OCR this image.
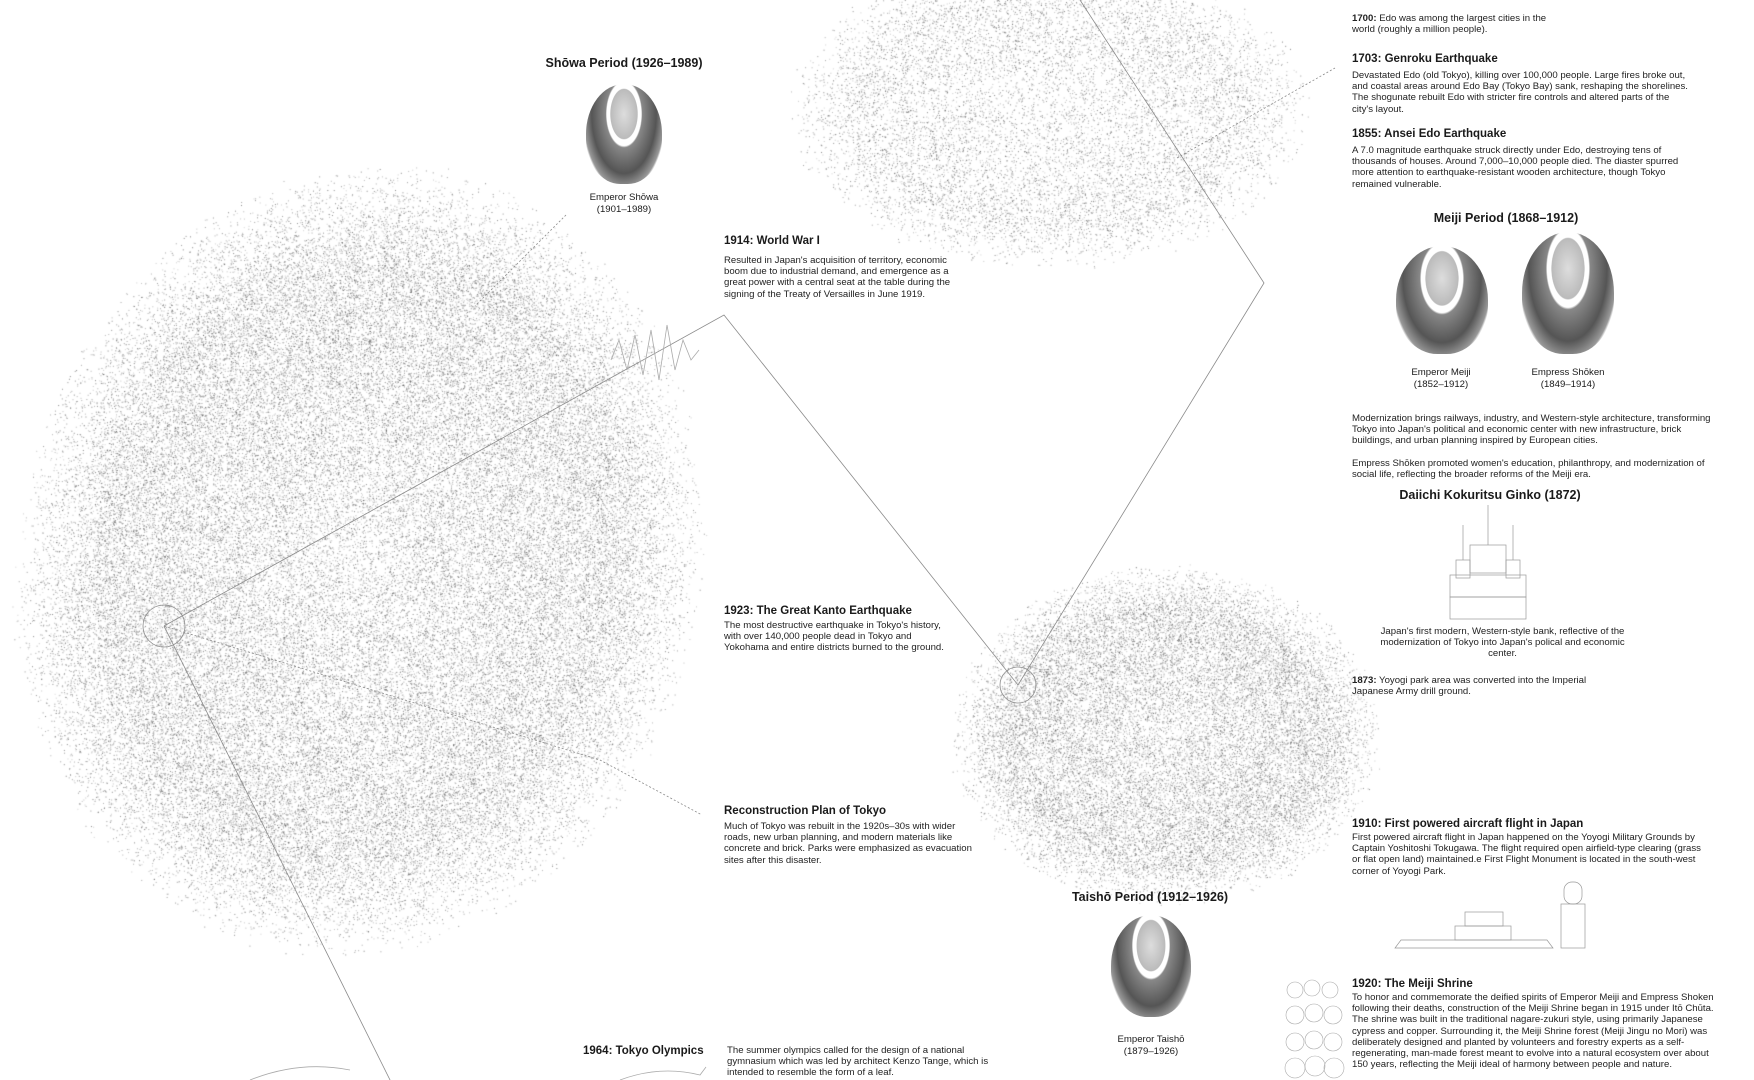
Shōwa Period (1926–1989)
Emperor Shōwa
(1901–1989)
1914: World War I
Resulted in Japan's acquisition of territory, economic boom due to industrial demand, and emergence as a great power with a central seat at the table during the signing of the Treaty of Versailles in June 1919.
1923: The Great Kanto Earthquake
The most destructive earthquake in Tokyo's history, with over 140,000 people dead in Tokyo and Yokohama and entire districts burned to the ground.
Reconstruction Plan of Tokyo
Much of Tokyo was rebuilt in the 1920s–30s with wider roads, new urban planning, and modern materials like concrete and brick. Parks were emphasized as evacuation sites after this disaster.
1964: Tokyo Olympics The summer olympics called for the design of a national gymnasium which was led by architect Kenzo Tange, which is intended to resemble the form of a leaf.
Taishō Period (1912–1926)
Emperor Taishō
(1879–1926)
1700: Edo was among the largest cities in the world (roughly a million people).
1703: Genroku Earthquake
Devastated Edo (old Tokyo), killing over 100,000 people. Large fires broke out, and coastal areas around Edo Bay (Tokyo Bay) sank, reshaping the shorelines. The shogunate rebuilt Edo with stricter fire controls and altered parts of the city's layout.
1855: Ansei Edo Earthquake
A 7.0 magnitude earthquake struck directly under Edo, destroying tens of thousands of houses. Around 7,000–10,000 people died. The diaster spurred more attention to earthquake-resistant wooden architecture, though Tokyo remained vulnerable.
Meiji Period (1868–1912)
Emperor Meiji
(1852–1912)
Empress Shōken
(1849–1914)
Modernization brings railways, industry, and Western-style architecture, transforming Tokyo into Japan's political and economic center with new infrastructure, brick buildings, and urban planning inspired by European cities.
Empress Shōken promoted women's education, philanthropy, and modernization of social life, reflecting the broader reforms of the Meiji era.
Daiichi Kokuritsu Ginko (1872)
Japan's first modern, Western-style bank, reflective of the modernization of Tokyo into Japan's polical and economic center.
1873: Yoyogi park area was converted into the Imperial Japanese Army drill ground.
1910: First powered aircraft flight in Japan
First powered aircraft flight in Japan happened on the Yoyogi Military Grounds by Captain Yoshitoshi Tokugawa. The flight required open airfield-type clearing (grass or flat open land) maintained.e First Flight Monument is located in the south-west corner of Yoyogi Park.
1920: The Meiji Shrine
To honor and commemorate the deified spirits of Emperor Meiji and Empress Shoken following their deaths, construction of the Meiji Shrine began in 1915 under Itō Chūta. The shrine was built in the traditional nagare-zukuri style, using primarily Japanese cypress and copper. Surrounding it, the Meiji Shrine forest (Meiji Jingu no Mori) was deliberately designed and planted by volunteers and forestry experts as a self-regenerating, man-made forest meant to evolve into a natural ecosystem over about 150 years, reflecting the Meiji ideal of harmony between people and nature.
